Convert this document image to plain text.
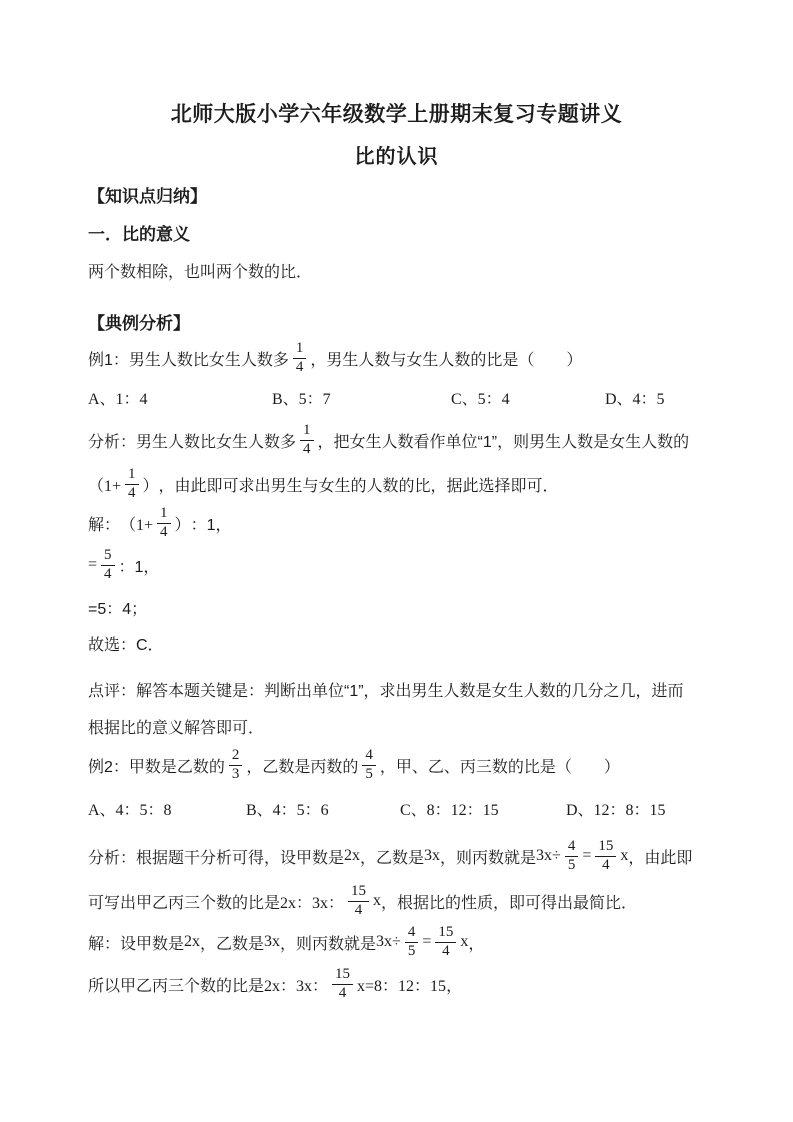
北师大版小学六年级数学上册期末复习专题讲义
比的认识
【知识点归纳】
一．比的意义
两个数相除，也叫两个数的比．
【典例分析】
例1：男生人数比女生人数多
1
4 ，男生人数与女生人数的比是（　　）
A、1：4	B、5：7	C、5：4	D、4：5
分析：男生人数比女生人数多
1
4 ，把女生人数看作单位“1”，则男生人数是女生人数的
（$1+ \frac{1}{4}$ ） ，由此即可求出男生与女生的人数的比，据此选择即可．
解： （$1+ \frac{1}{4}$ ） ：1，
= $\frac{5}{4}$ ：1，
=5：4；
故选：C．
点评：解答本题关键是：判断出单位“1”，求出男生人数是女生人数的几分之几，进而
根据比的意义解答即可．
例2：甲数是乙数的
2
3 ，乙数是丙数的
4
5 ，甲、乙、丙三数的比是（　　）
A、4：5：8	B、4：5：6	C、8：12：15	D、12：8：15
分析：根据题干分析可得，设甲数是 2x ，乙数是 3x ，则丙数就是 $3x\div \frac{4}{5} = \frac{15}{4}$ x ，由此即
可写出甲乙丙三个数的比是 2x：3x：
15
4
x ，根据比的性质，即可得出最简比．
解：设甲数是 2x ，乙数是 3x ，则丙数就是 $3x\div \frac{4}{5} = \frac{15}{4}$ x ，
所以甲乙丙三个数的比是 2x：3x：
15
4 x=8：12：15 ，
